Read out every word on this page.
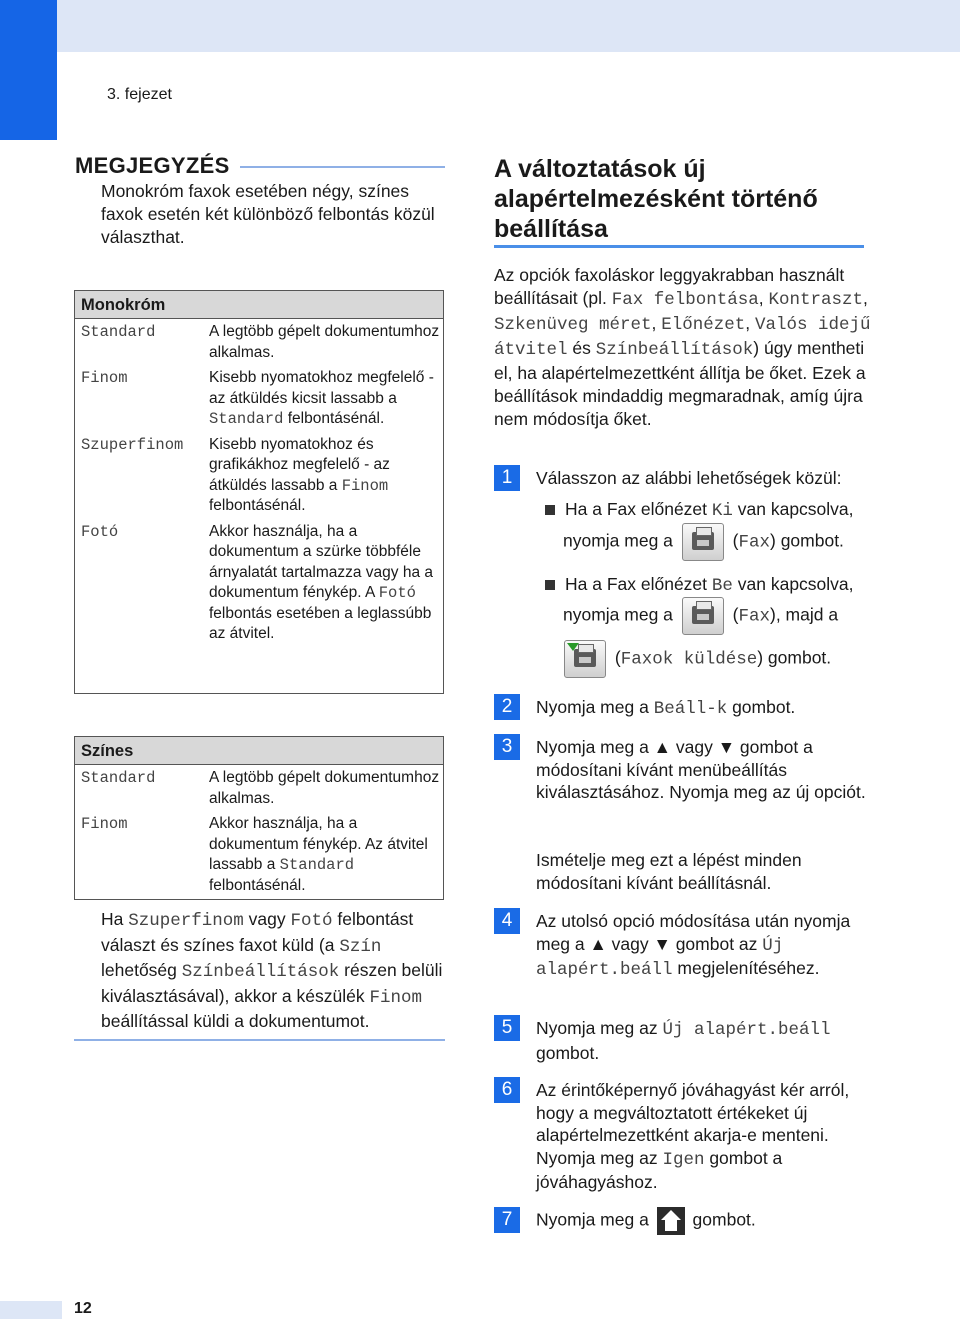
3. fejezet
MEGJEGYZÉS
Monokróm faxok esetében négy, színes faxok esetén két különböző felbontás közül választhat.
Monokróm
Standard	A legtöbb gépelt dokumentumhoz alkalmas.
Finom	Kisebb nyomatokhoz megfelelő - az átküldés kicsit lassabb a Standard felbontásénál.
Szuperfinom	Kisebb nyomatokhoz és grafikákhoz megfelelő - az átküldés lassabb a Finom felbontásénál.
Fotó	Akkor használja, ha a dokumentum a szürke többféle árnyalatát tartalmazza vagy ha a dokumentum fénykép. A Fotó felbontás esetében a leglassúbb az átvitel.
Színes
Standard	A legtöbb gépelt dokumentumhoz alkalmas.
Finom	Akkor használja, ha a dokumentum fénykép. Az átvitel lassabb a Standard felbontásénál.
Ha Szuperfinom vagy Fotó felbontást választ és színes faxot küld (a Szín lehetőség Színbeállítások részen belüli kiválasztásával), akkor a készülék Finom beállítással küldi a dokumentumot.
A változtatások új alapértelmezésként történő beállítása
Az opciók faxoláskor leggyakrabban használt beállításait (pl. Fax felbontása, Kontraszt, Szkenüveg méret, Előnézet, Valós idejű átvitel és Színbeállítások) úgy mentheti el, ha alapértelmezettként állítja be őket. Ezek a beállítások mindaddig megmaradnak, amíg újra nem módosítja őket.
1	Válasszon az alábbi lehetőségek közül:
Ha a Fax előnézet Ki van kapcsolva,
nyomja meg a	(Fax) gombot.
Ha a Fax előnézet Be van kapcsolva,
nyomja meg a	(Fax), majd a
(Faxok küldése) gombot.
2	Nyomja meg a Beáll-k gombot.
3	Nyomja meg a ▲ vagy ▼ gombot a módosítani kívánt menübeállítás kiválasztásához. Nyomja meg az új opciót.
Ismételje meg ezt a lépést minden módosítani kívánt beállításnál.
4	Az utolsó opció módosítása után nyomja meg a ▲ vagy ▼ gombot az Új alapért.beáll megjelenítéséhez.
5	Nyomja meg az Új alapért.beáll gombot.
6	Az érintőképernyő jóváhagyást kér arról, hogy a megváltoztatott értékeket új alapértelmezettként akarja-e menteni. Nyomja meg az Igen gombot a jóváhagyáshoz.
7	Nyomja meg a  gombot.
12
